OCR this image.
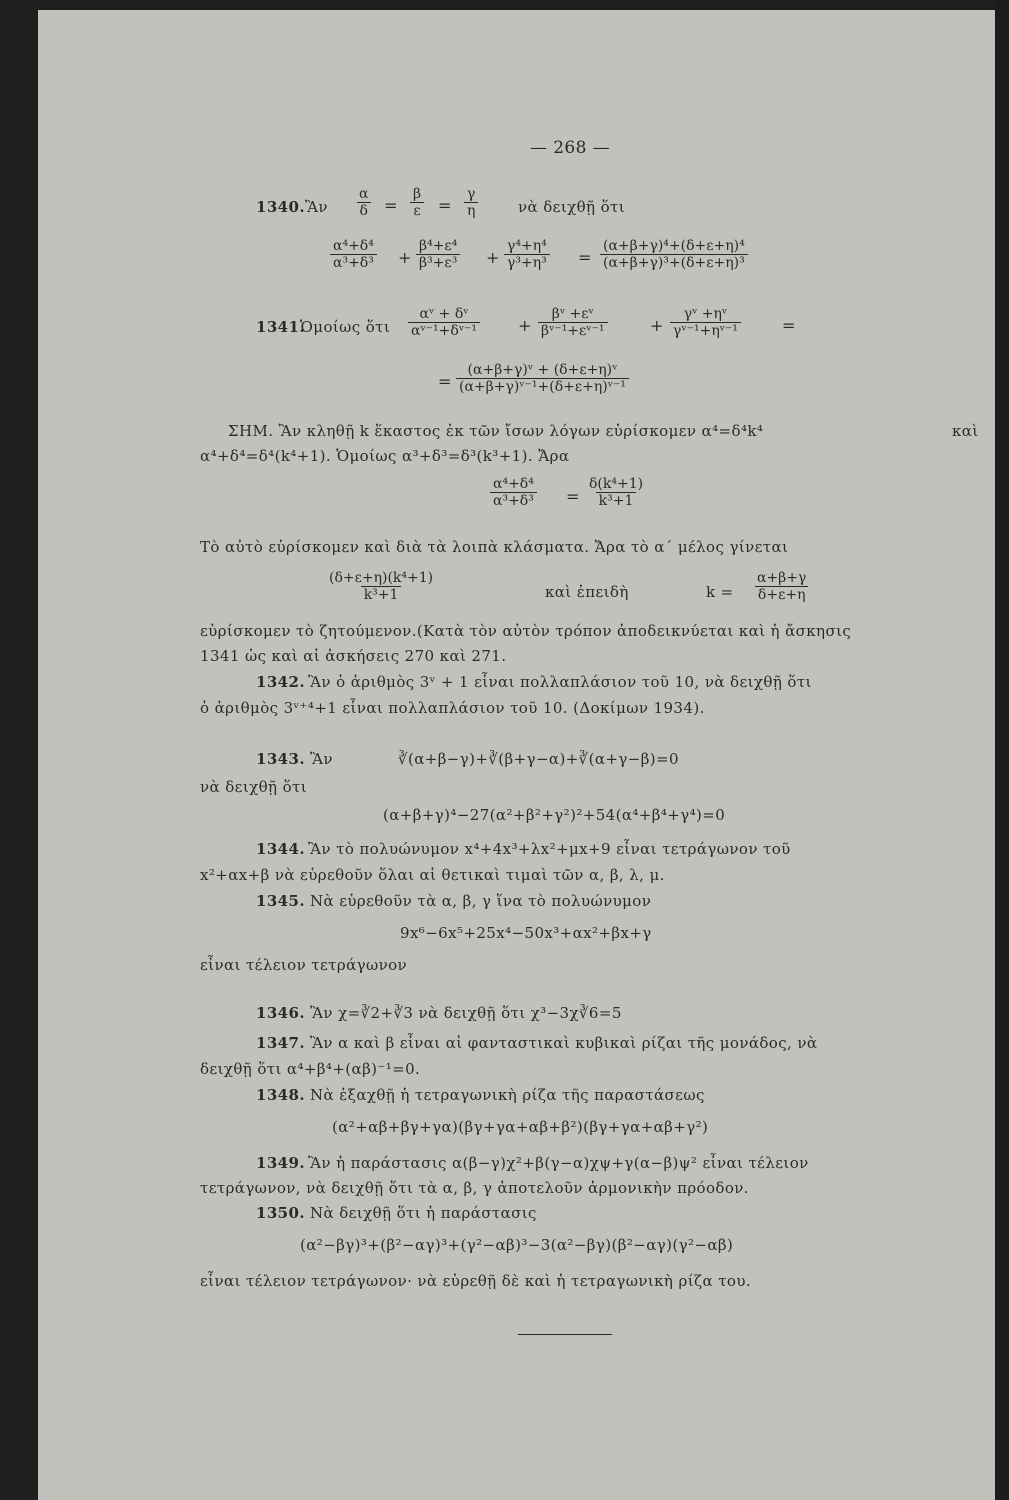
— 268 —
1340. Ἂν $\frac{\alpha}{\delta} = \frac{\beta}{\varepsilon} = \frac{\gamma}{\eta}$	νὰ δειχθῇ ὅτι
$\frac{\text{α⁴+δ⁴}}{\text{α³+δ³}} + \frac{\text{β⁴+ε⁴}}{\text{β³+ε³}} + \frac{\text{γ⁴+η⁴}}{\text{γ³+η³}} = \frac{\text{(α+β+γ)⁴+(δ+ε+η)⁴}}{\text{(α+β+γ)³+(δ+ε+η)³}}$
1341.
Ὁμοίως ὅτι $\frac{\text{αᵛ + δᵛ}}{\text{αᵛ⁻¹+δᵛ⁻¹}} + \frac{\text{βᵛ +εᵛ}}{\text{βᵛ⁻¹+εᵛ⁻¹}}$	+ $\frac{\text{γᵛ +ηᵛ}}{\text{γᵛ⁻¹+ηᵛ⁻¹}}$	=
= $\frac{\text{(α+β+γ)ᵛ + (δ+ε+η)ᵛ}}{\text{(α+β+γ)ᵛ⁻¹+(δ+ε+η)ᵛ⁻¹}}$
ΣΗΜ. Ἂν κληθῇ k ἕκαστος ἐκ τῶν ἴσων λόγων εὑρίσκομεν α⁴=δ⁴k⁴	καὶ
α⁴+δ⁴=δ⁴(k⁴+1). Ὁμοίως α³+δ³=δ³(k³+1). Ἄρα
$\frac{\text{α⁴+δ⁴}}{\text{α³+δ³}} = \frac{\text{δ(k⁴+1)}}{\text{k³+1}}$
Τὸ αὐτὸ εὑρίσκομεν καὶ διὰ τὰ λοιπὰ κλάσματα. Ἄρα τὸ α΄ μέλος γίνεται
$\frac{\text{(δ+ε+η)(k⁴+1)}}{\text{k³+1}}$	καὶ ἐπειδὴ	$k = \frac{\alpha+\beta+\gamma}{\delta+\varepsilon+\eta}$
εὑρίσκομεν τὸ ζητούμενον.(Κατὰ τὸν αὐτὸν τρόπον ἀποδεικνύεται καὶ ἡ ἄσκησις
1341 ὡς καὶ αἱ ἀσκήσεις 270 καὶ 271.
1342. Ἂν ὁ ἀριθμὸς 3ᵛ + 1 εἶναι πολλαπλάσιον τοῦ 10, νὰ δειχθῇ ὅτι
ὁ ἀριθμὸς 3ᵛ⁺⁴+1 εἶναι πολλαπλάσιον τοῦ 10. (Δοκίμων 1934).
1343. Ἂν	∛(α+β−γ)+∛(β+γ−α)+∛(α+γ−β)=0
νὰ δειχθῇ ὅτι
(α+β+γ)⁴−27(α²+β²+γ²)²+54(α⁴+β⁴+γ⁴)=0
1344. Ἂν τὸ πολυώνυμον x⁴+4x³+λx²+μx+9 εἶναι τετράγωνον τοῦ
x²+αx+β νὰ εὑρεθοῦν ὅλαι αἱ θετικαὶ τιμαὶ τῶν α, β, λ, μ.
1345. Νὰ εὑρεθοῦν τὰ α, β, γ ἵνα τὸ πολυώνυμον
9x⁶−6x⁵+25x⁴−50x³+αx²+βx+γ
εἶναι τέλειον τετράγωνον
1346. Ἂν χ=∛2+∛3 νὰ δειχθῇ ὅτι χ³−3χ∛6=5
1347. Ἂν α καὶ β εἶναι αἱ φανταστικαὶ κυβικαὶ ρίζαι τῆς μονάδος, νὰ
δειχθῇ ὅτι α⁴+β⁴+(αβ)⁻¹=0.
1348. Νὰ ἐξαχθῇ ἡ τετραγωνικὴ ρίζα τῆς παραστάσεως
(α²+αβ+βγ+γα)(βγ+γα+αβ+β²)(βγ+γα+αβ+γ²)
1349. Ἂν ἡ παράστασις α(β−γ)χ²+β(γ−α)χψ+γ(α−β)ψ² εἶναι τέλειον
τετράγωνον, νὰ δειχθῇ ὅτι τὰ α, β, γ ἀποτελοῦν ἁρμονικὴν πρόοδον.
1350. Νὰ δειχθῇ ὅτι ἡ παράστασις
(α²−βγ)³+(β²−αγ)³+(γ²−αβ)³−3(α²−βγ)(β²−αγ)(γ²−αβ)
εἶναι τέλειον τετράγωνον· νὰ εὑρεθῇ δὲ καὶ ἡ τετραγωνικὴ ρίζα του.
